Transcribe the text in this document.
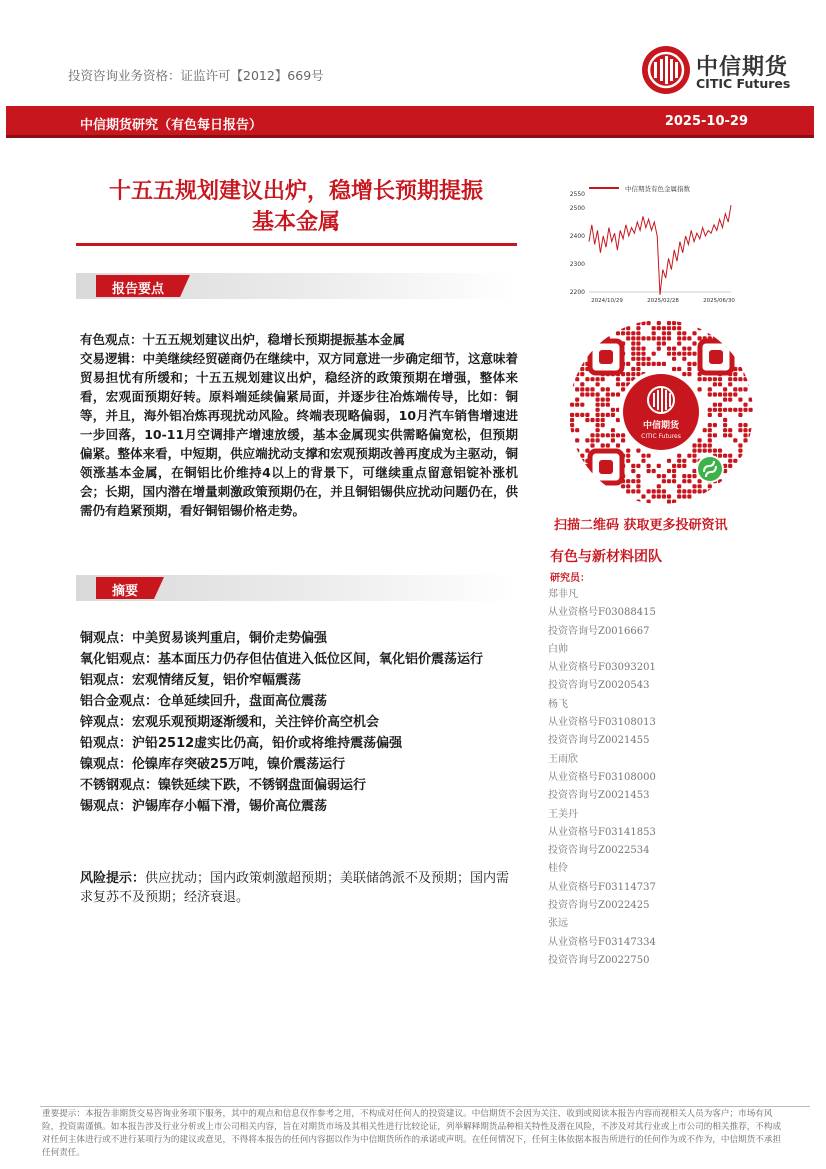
投资咨询业务资格：证监许可【2012】669号	中信期货
CITIC Futures
中信期货研究（有色每日报告）	2025-10-29
十五五规划建议出炉，稳增长预期提振
基本金属
报告要点

有色观点：十五五规划建议出炉，稳增长预期提振基本金属

交易逻辑：中美继续经贸磋商仍在继续中，双方同意进一步确定细节，这意味着贸易担忧有所缓和；十五五规划建议出炉，稳经济的政策预期在增强，整体来看，宏观面预期好转。原料端延续偏紧局面，并逐步往冶炼端传导，比如：铜等，并且，海外铝冶炼再现扰动风险。终端表现略偏弱，10月汽车销售增速进一步回落，10-11月空调排产增速放缓，基本金属现实供需略偏宽松，但预期偏紧。整体来看，中短期，供应端扰动支撑和宏观预期改善再度成为主驱动，铜领涨基本金属，在铜铝比价维持4以上的背景下，可继续重点留意铝锭补涨机会；长期，国内潜在增量刺激政策预期仍在，并且铜铝锡供应扰动问题仍在，供需仍有趋紧预期，看好铜铝锡价格走势。

摘要
铜观点：中美贸易谈判重启，铜价走势偏强
氧化铝观点：基本面压力仍存但估值进入低位区间，氧化铝价震荡运行
铝观点：宏观情绪反复，铝价窄幅震荡
铝合金观点：仓单延续回升，盘面高位震荡
锌观点：宏观乐观预期逐渐缓和，关注锌价高空机会
铅观点：沪铅2512虚实比仍高，铅价或将维持震荡偏强
镍观点：伦镍库存突破25万吨，镍价震荡运行
不锈钢观点：镍铁延续下跌，不锈钢盘面偏弱运行
锡观点：沪锡库存小幅下滑，锡价高位震荡
风险提示：供应扰动；国内政策刺激超预期；美联储鸽派不及预期；国内需求复苏不及预期；经济衰退。
中信期货有色金属指数
2200
2300
2400
2500
2550
2024/10/29	2025/02/28	2025/06/30
中信期货
CITIC Futures
扫描二维码 获取更多投研资讯
有色与新材料团队
研究员：
郑非凡
从业资格号F03088415
投资咨询号Z0016667
白帅
从业资格号F03093201
投资咨询号Z0020543
杨飞
从业资格号F03108013
投资咨询号Z0021455
王雨欣
从业资格号F03108000
投资咨询号Z0021453
王美丹
从业资格号F03141853
投资咨询号Z0022534
桂伶
从业资格号F03114737
投资咨询号Z0022425
张远
从业资格号F03147334
投资咨询号Z0022750
重要提示：本报告非期货交易咨询业务项下服务，其中的观点和信息仅作参考之用，不构成对任何人的投资建议。中信期货不会因为关注、收到或阅读本报告内容而视相关人员为客户；市场有风险，投资需谨慎。如本报告涉及行业分析或上市公司相关内容，旨在对期货市场及其相关性进行比较论证，列举解释期货品种相关特性及潜在风险，不涉及对其行业或上市公司的相关推荐，不构成对任何主体进行或不进行某项行为的建议或意见，不得将本报告的任何内容据以作为中信期货所作的承诺或声明。在任何情况下，任何主体依据本报告所进行的任何作为或不作为，中信期货不承担任何责任。
